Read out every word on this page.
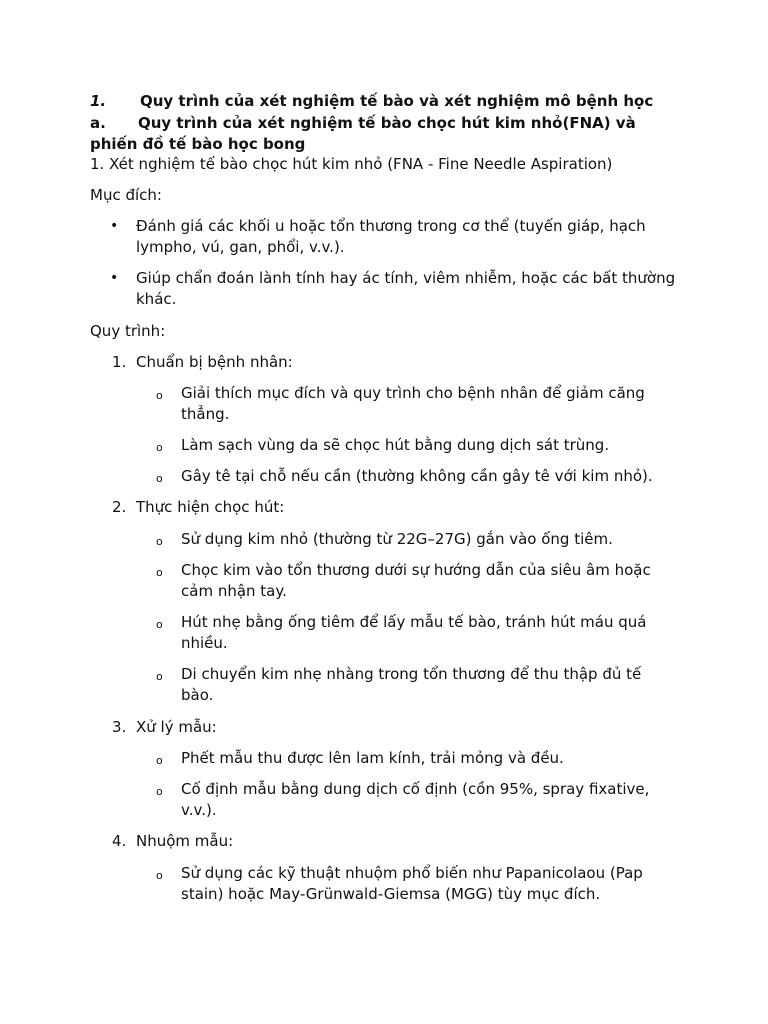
1. Quy trình của xét nghiệm tế bào và xét nghiệm mô bệnh học
a. Quy trình của xét nghiệm tế bào chọc hút kim nhỏ(FNA) và phiến đồ tế bào học bong
1. Xét nghiệm tế bào chọc hút kim nhỏ (FNA - Fine Needle Aspiration)
Mục đích:
• Đánh giá các khối u hoặc tổn thương trong cơ thể (tuyến giáp, hạch lympho, vú, gan, phổi, v.v.).
• Giúp chẩn đoán lành tính hay ác tính, viêm nhiễm, hoặc các bất thường khác.
Quy trình:
1. Chuẩn bị bệnh nhân:
o Giải thích mục đích và quy trình cho bệnh nhân để giảm căng thẳng.
o Làm sạch vùng da sẽ chọc hút bằng dung dịch sát trùng.
o Gây tê tại chỗ nếu cần (thường không cần gây tê với kim nhỏ).
2. Thực hiện chọc hút:
o Sử dụng kim nhỏ (thường từ 22G–27G) gắn vào ống tiêm.
o Chọc kim vào tổn thương dưới sự hướng dẫn của siêu âm hoặc cảm nhận tay.
o Hút nhẹ bằng ống tiêm để lấy mẫu tế bào, tránh hút máu quá nhiều.
o Di chuyển kim nhẹ nhàng trong tổn thương để thu thập đủ tế bào.
3. Xử lý mẫu:
o Phết mẫu thu được lên lam kính, trải mỏng và đều.
o Cố định mẫu bằng dung dịch cố định (cồn 95%, spray fixative, v.v.).
4. Nhuộm mẫu:
o Sử dụng các kỹ thuật nhuộm phổ biến như Papanicolaou (Pap stain) hoặc May-Grünwald-Giemsa (MGG) tùy mục đích.
